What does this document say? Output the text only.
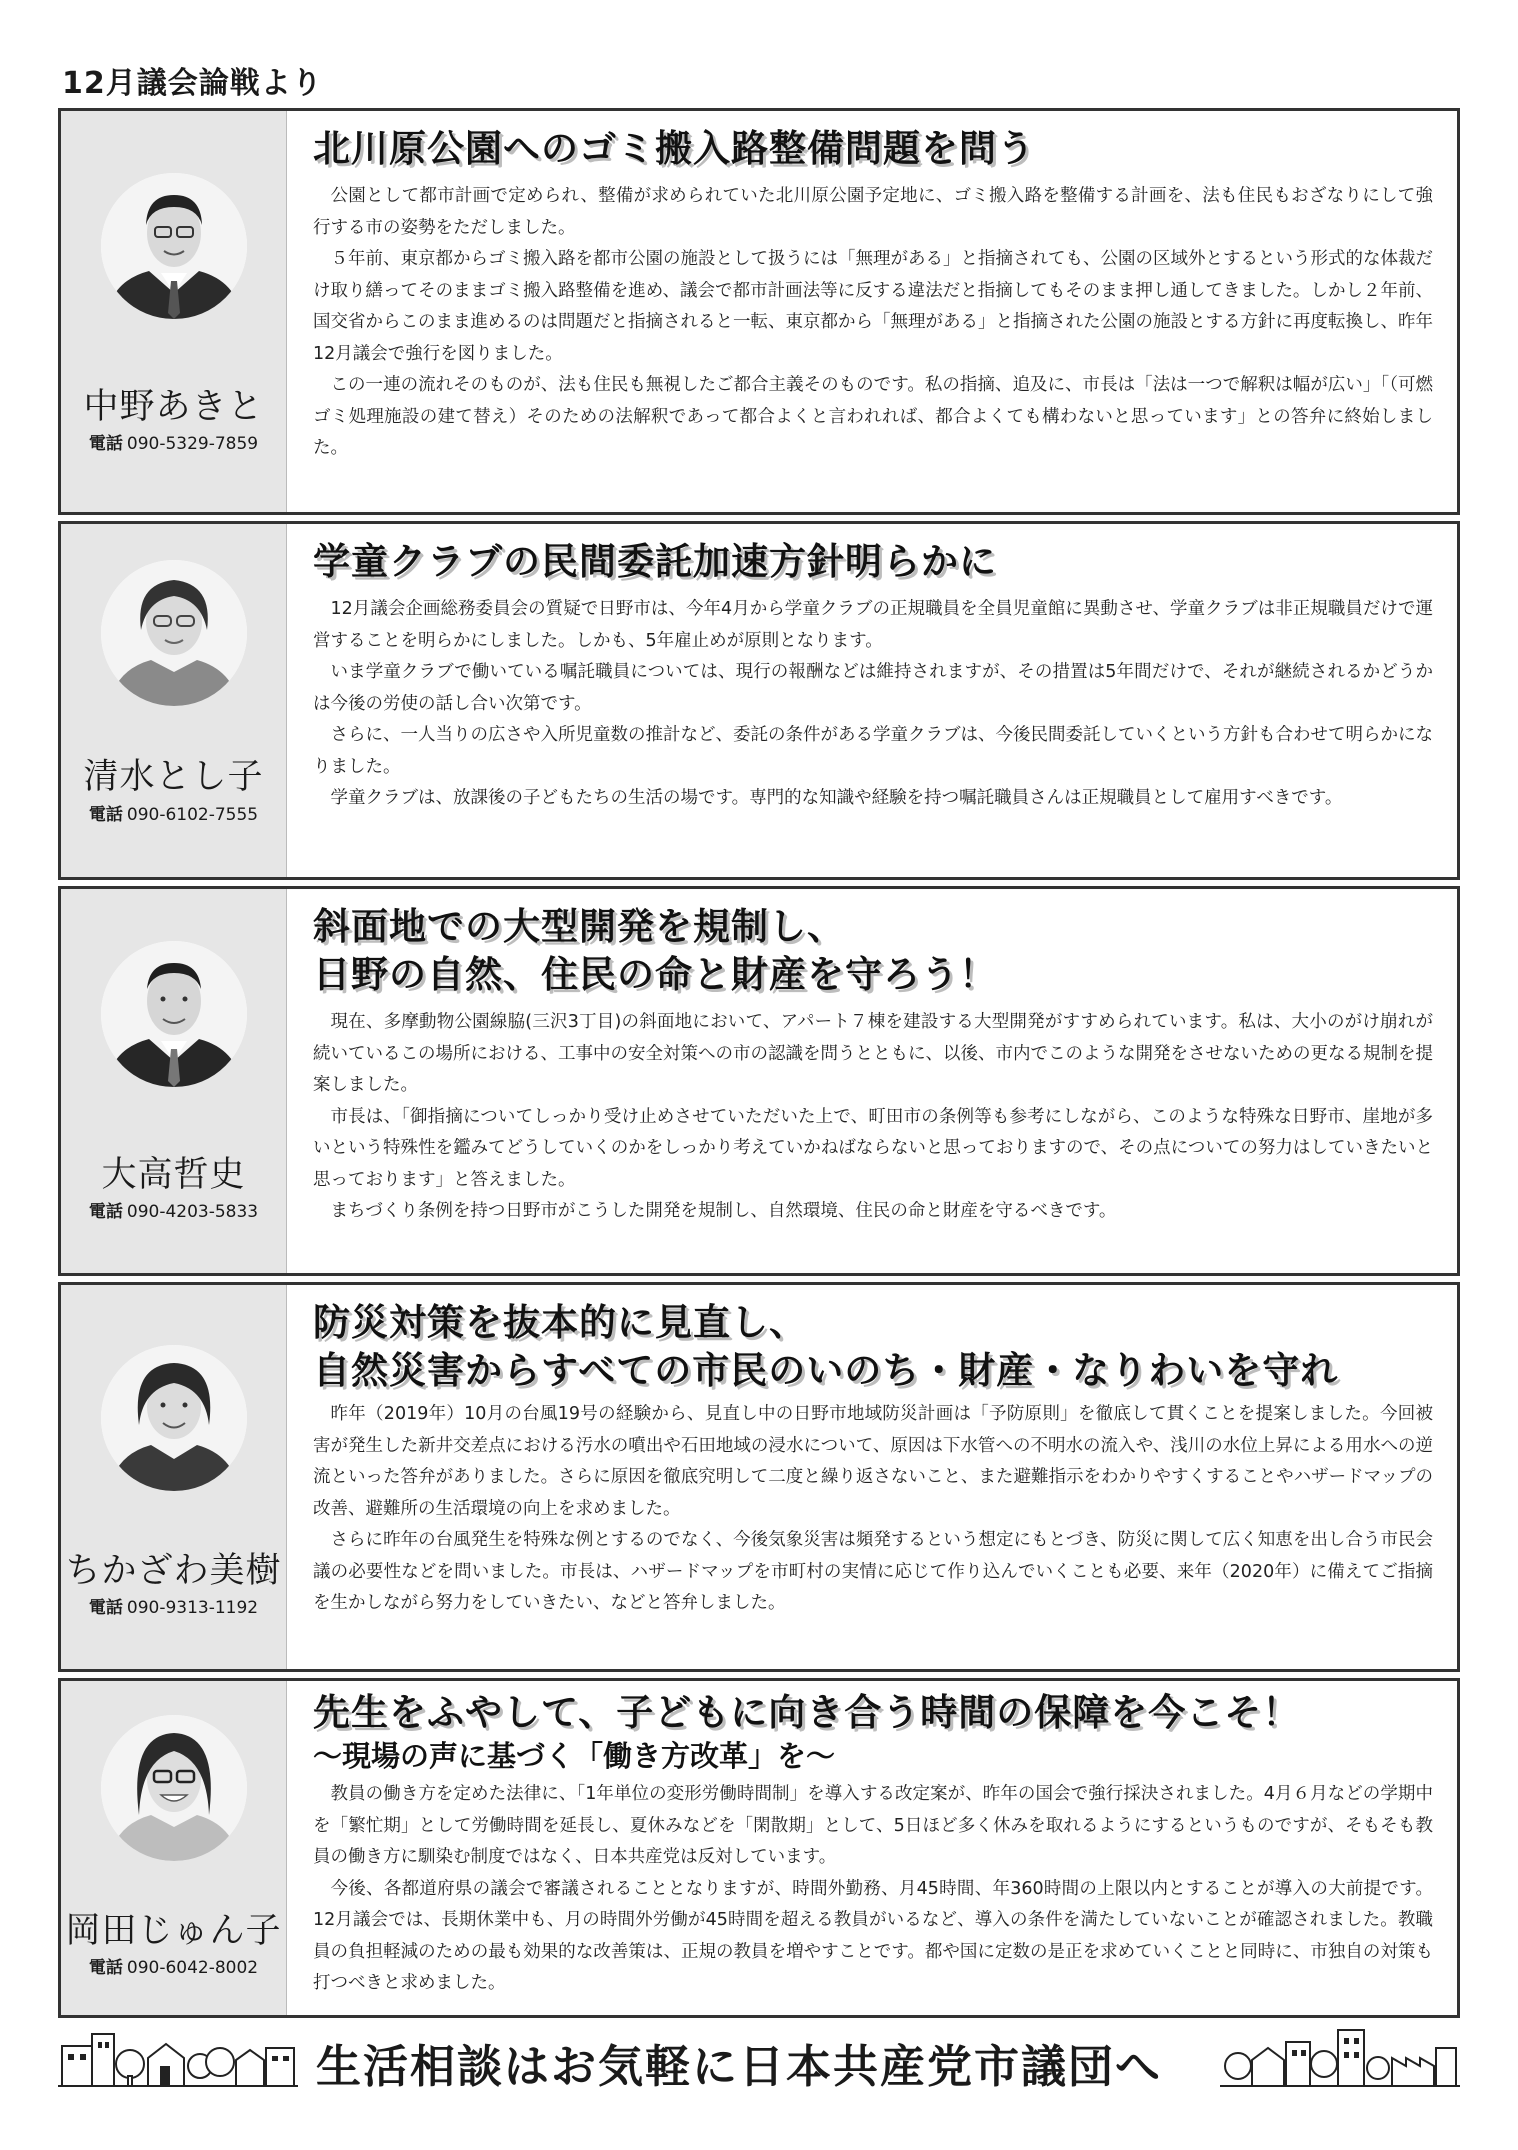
12月議会論戦より
中野あきと
電話 090-5329-7859
北川原公園へのゴミ搬入路整備問題を問う

公園として都市計画で定められ、整備が求められていた北川原公園予定地に、ゴミ搬入路を整備する計画を、法も住民もおざなりにして強行する市の姿勢をただしました。

５年前、東京都からゴミ搬入路を都市公園の施設として扱うには「無理がある」と指摘されても、公園の区域外とするという形式的な体裁だけ取り繕ってそのままゴミ搬入路整備を進め、議会で都市計画法等に反する違法だと指摘してもそのまま押し通してきました。しかし２年前、国交省からこのまま進めるのは問題だと指摘されると一転、東京都から「無理がある」と指摘された公園の施設とする方針に再度転換し、昨年12月議会で強行を図りました。

この一連の流れそのものが、法も住民も無視したご都合主義そのものです。私の指摘、追及に、市長は「法は一つで解釈は幅が広い」「（可燃ゴミ処理施設の建て替え）そのための法解釈であって都合よくと言われれば、都合よくても構わないと思っています」との答弁に終始しました。

清水とし子
電話 090-6102-7555
学童クラブの民間委託加速方針明らかに

12月議会企画総務委員会の質疑で日野市は、今年4月から学童クラブの正規職員を全員児童館に異動させ、学童クラブは非正規職員だけで運営することを明らかにしました。しかも、5年雇止めが原則となります。

いま学童クラブで働いている嘱託職員については、現行の報酬などは維持されますが、その措置は5年間だけで、それが継続されるかどうかは今後の労使の話し合い次第です。

さらに、一人当りの広さや入所児童数の推計など、委託の条件がある学童クラブは、今後民間委託していくという方針も合わせて明らかになりました。

学童クラブは、放課後の子どもたちの生活の場です。専門的な知識や経験を持つ嘱託職員さんは正規職員として雇用すべきです。

大高哲史
電話 090-4203-5833
斜面地での大型開発を規制し、
日野の自然、住民の命と財産を守ろう！

現在、多摩動物公園線脇(三沢3丁目)の斜面地において、アパート７棟を建設する大型開発がすすめられています。私は、大小のがけ崩れが続いているこの場所における、工事中の安全対策への市の認識を問うとともに、以後、市内でこのような開発をさせないための更なる規制を提案しました。

市長は、「御指摘についてしっかり受け止めさせていただいた上で、町田市の条例等も参考にしながら、このような特殊な日野市、崖地が多いという特殊性を鑑みてどうしていくのかをしっかり考えていかねばならないと思っておりますので、その点についての努力はしていきたいと思っております」と答えました。

まちづくり条例を持つ日野市がこうした開発を規制し、自然環境、住民の命と財産を守るべきです。

ちかざわ美樹
電話 090-9313-1192
防災対策を抜本的に見直し、
自然災害からすべての市民のいのち・財産・なりわいを守れ

昨年（2019年）10月の台風19号の経験から、見直し中の日野市地域防災計画は「予防原則」を徹底して貫くことを提案しました。今回被害が発生した新井交差点における汚水の噴出や石田地域の浸水について、原因は下水管への不明水の流入や、浅川の水位上昇による用水への逆流といった答弁がありました。さらに原因を徹底究明して二度と繰り返さないこと、また避難指示をわかりやすくすることやハザードマップの改善、避難所の生活環境の向上を求めました。

さらに昨年の台風発生を特殊な例とするのでなく、今後気象災害は頻発するという想定にもとづき、防災に関して広く知恵を出し合う市民会議の必要性などを問いました。市長は、ハザードマップを市町村の実情に応じて作り込んでいくことも必要、来年（2020年）に備えてご指摘を生かしながら努力をしていきたい、などと答弁しました。

岡田じゅん子
電話 090-6042-8002
先生をふやして、子どもに向き合う時間の保障を今こそ！
～現場の声に基づく「働き方改革」を～

教員の働き方を定めた法律に、「1年単位の変形労働時間制」を導入する改定案が、昨年の国会で強行採決されました。4月６月などの学期中を「繁忙期」として労働時間を延長し、夏休みなどを「閑散期」として、5日ほど多く休みを取れるようにするというものですが、そもそも教員の働き方に馴染む制度ではなく、日本共産党は反対しています。

今後、各都道府県の議会で審議されることとなりますが、時間外勤務、月45時間、年360時間の上限以内とすることが導入の大前提です。12月議会では、長期休業中も、月の時間外労働が45時間を超える教員がいるなど、導入の条件を満たしていないことが確認されました。教職員の負担軽減のための最も効果的な改善策は、正規の教員を増やすことです。都や国に定数の是正を求めていくことと同時に、市独自の対策も打つべきと求めました。

生活相談はお気軽に日本共産党市議団へ
